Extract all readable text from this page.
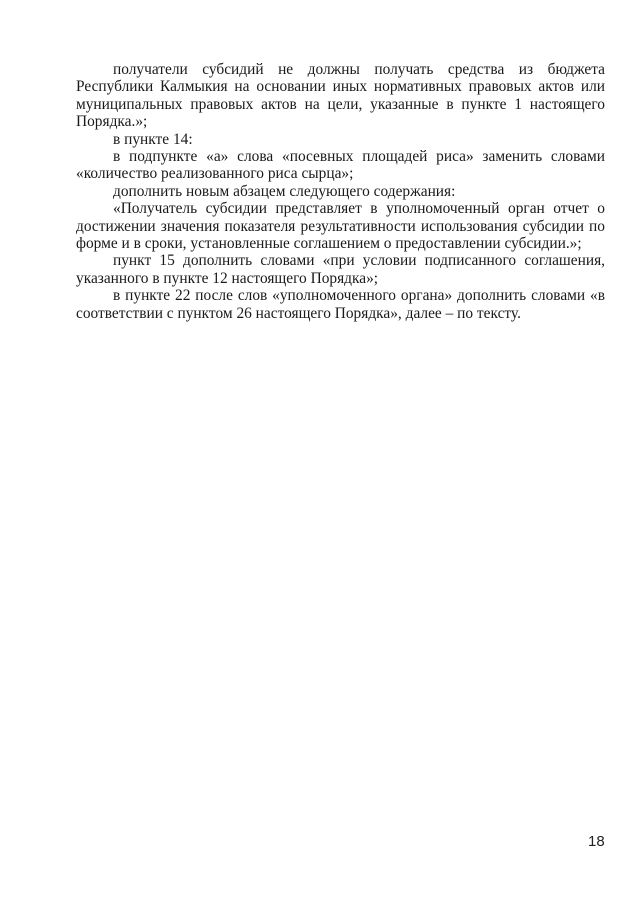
получатели субсидий не должны получать средства из бюджета Республики Калмыкия на основании иных нормативных правовых актов или муниципальных правовых актов на цели, указанные в пункте 1 настоящего Порядка.»;

в пункте 14:

в подпункте «а» слова «посевных площадей риса» заменить словами «количество реализованного риса сырца»;

дополнить новым абзацем следующего содержания:

«Получатель субсидии представляет в уполномоченный орган отчет о достижении значения показателя результативности использования субсидии по форме и в сроки, установленные соглашением о предоставлении субсидии.»;

пункт 15 дополнить словами «при условии подписанного соглашения, указанного в пункте 12 настоящего Порядка»;

в пункте 22 после слов «уполномоченного органа» дополнить словами «в соответствии с пунктом 26 настоящего Порядка», далее – по тексту.

18
